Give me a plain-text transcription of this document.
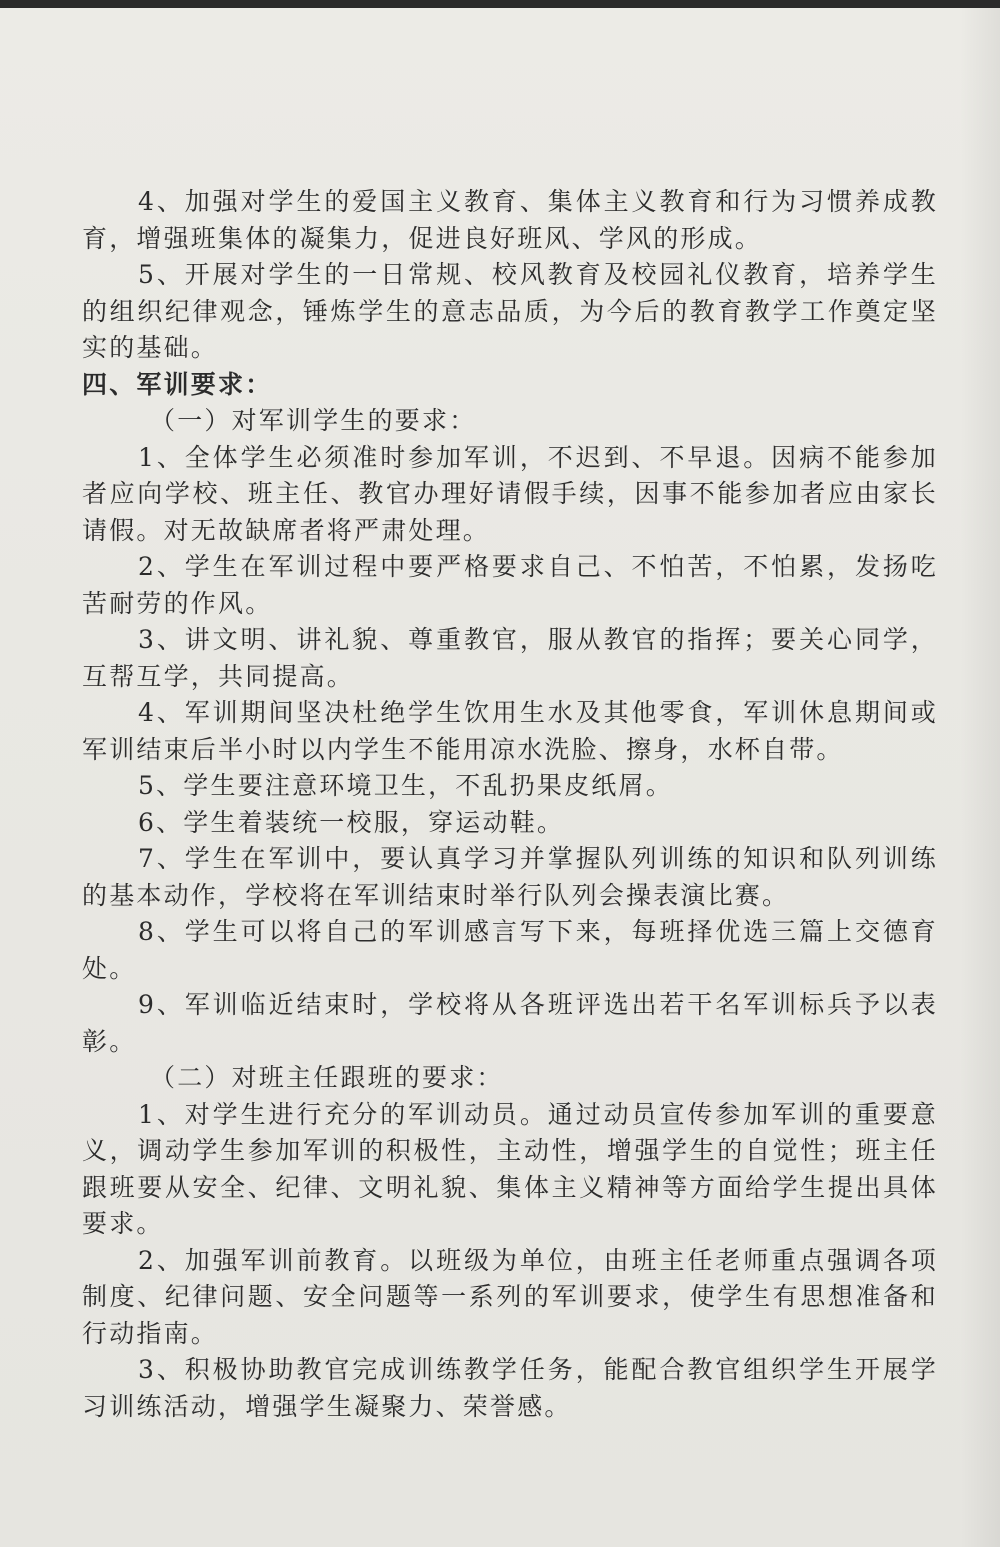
4、加强对学生的爱国主义教育、集体主义教育和行为习惯养成教育，增强班集体的凝集力，促进良好班风、学风的形成。

5、开展对学生的一日常规、校风教育及校园礼仪教育，培养学生的组织纪律观念，锤炼学生的意志品质，为今后的教育教学工作奠定坚实的基础。

四、军训要求：

（一）对军训学生的要求：

1、全体学生必须准时参加军训，不迟到、不早退。因病不能参加者应向学校、班主任、教官办理好请假手续，因事不能参加者应由家长请假。对无故缺席者将严肃处理。

2、学生在军训过程中要严格要求自己、不怕苦，不怕累，发扬吃苦耐劳的作风。

3、讲文明、讲礼貌、尊重教官，服从教官的指挥；要关心同学，互帮互学，共同提高。

4、军训期间坚决杜绝学生饮用生水及其他零食，军训休息期间或军训结束后半小时以内学生不能用凉水洗脸、擦身，水杯自带。

5、学生要注意环境卫生，不乱扔果皮纸屑。

6、学生着装统一校服，穿运动鞋。

7、学生在军训中，要认真学习并掌握队列训练的知识和队列训练的基本动作，学校将在军训结束时举行队列会操表演比赛。

8、学生可以将自己的军训感言写下来，每班择优选三篇上交德育处。

9、军训临近结束时，学校将从各班评选出若干名军训标兵予以表彰。

（二）对班主任跟班的要求：

1、对学生进行充分的军训动员。通过动员宣传参加军训的重要意义，调动学生参加军训的积极性，主动性，增强学生的自觉性；班主任跟班要从安全、纪律、文明礼貌、集体主义精神等方面给学生提出具体要求。

2、加强军训前教育。以班级为单位，由班主任老师重点强调各项制度、纪律问题、安全问题等一系列的军训要求，使学生有思想准备和行动指南。

3、积极协助教官完成训练教学任务，能配合教官组织学生开展学习训练活动，增强学生凝聚力、荣誉感。
